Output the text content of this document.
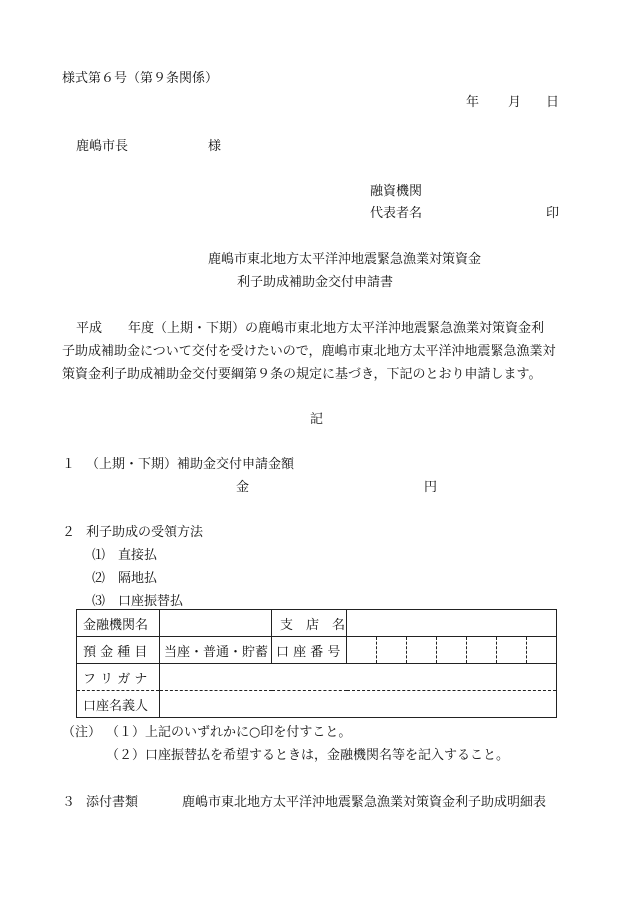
様式第６号（第９条関係）
年 月 日
鹿嶋市長	様
融資機関
代表者名	印
鹿嶋市東北地方太平洋沖地震緊急漁業対策資金
利子助成補助金交付申請書
平成　　年度（上期・下期）の鹿嶋市東北地方太平洋沖地震緊急漁業対策資金利
子助成補助金について交付を受けたいので，鹿嶋市東北地方太平洋沖地震緊急漁業対
策資金利子助成補助金交付要綱第９条の規定に基づき，下記のとおり申請します。
記
１ （上期・下期）補助金交付申請金額
金	円
２ 利子助成の受領方法
⑴　直接払
⑵　隔地払
⑶　口座振替払
金融機関名		支　店　名	
預 金 種 目	当座・普通・貯蓄	口 座 番 号	

フ リ ガ ナ			
口座名義人			
（注） （１）上記のいずれかに○印を付すこと。
（２）口座振替払を希望するときは，金融機関名等を記入すること。
３ 添付書類	鹿嶋市東北地方太平洋沖地震緊急漁業対策資金利子助成明細表
